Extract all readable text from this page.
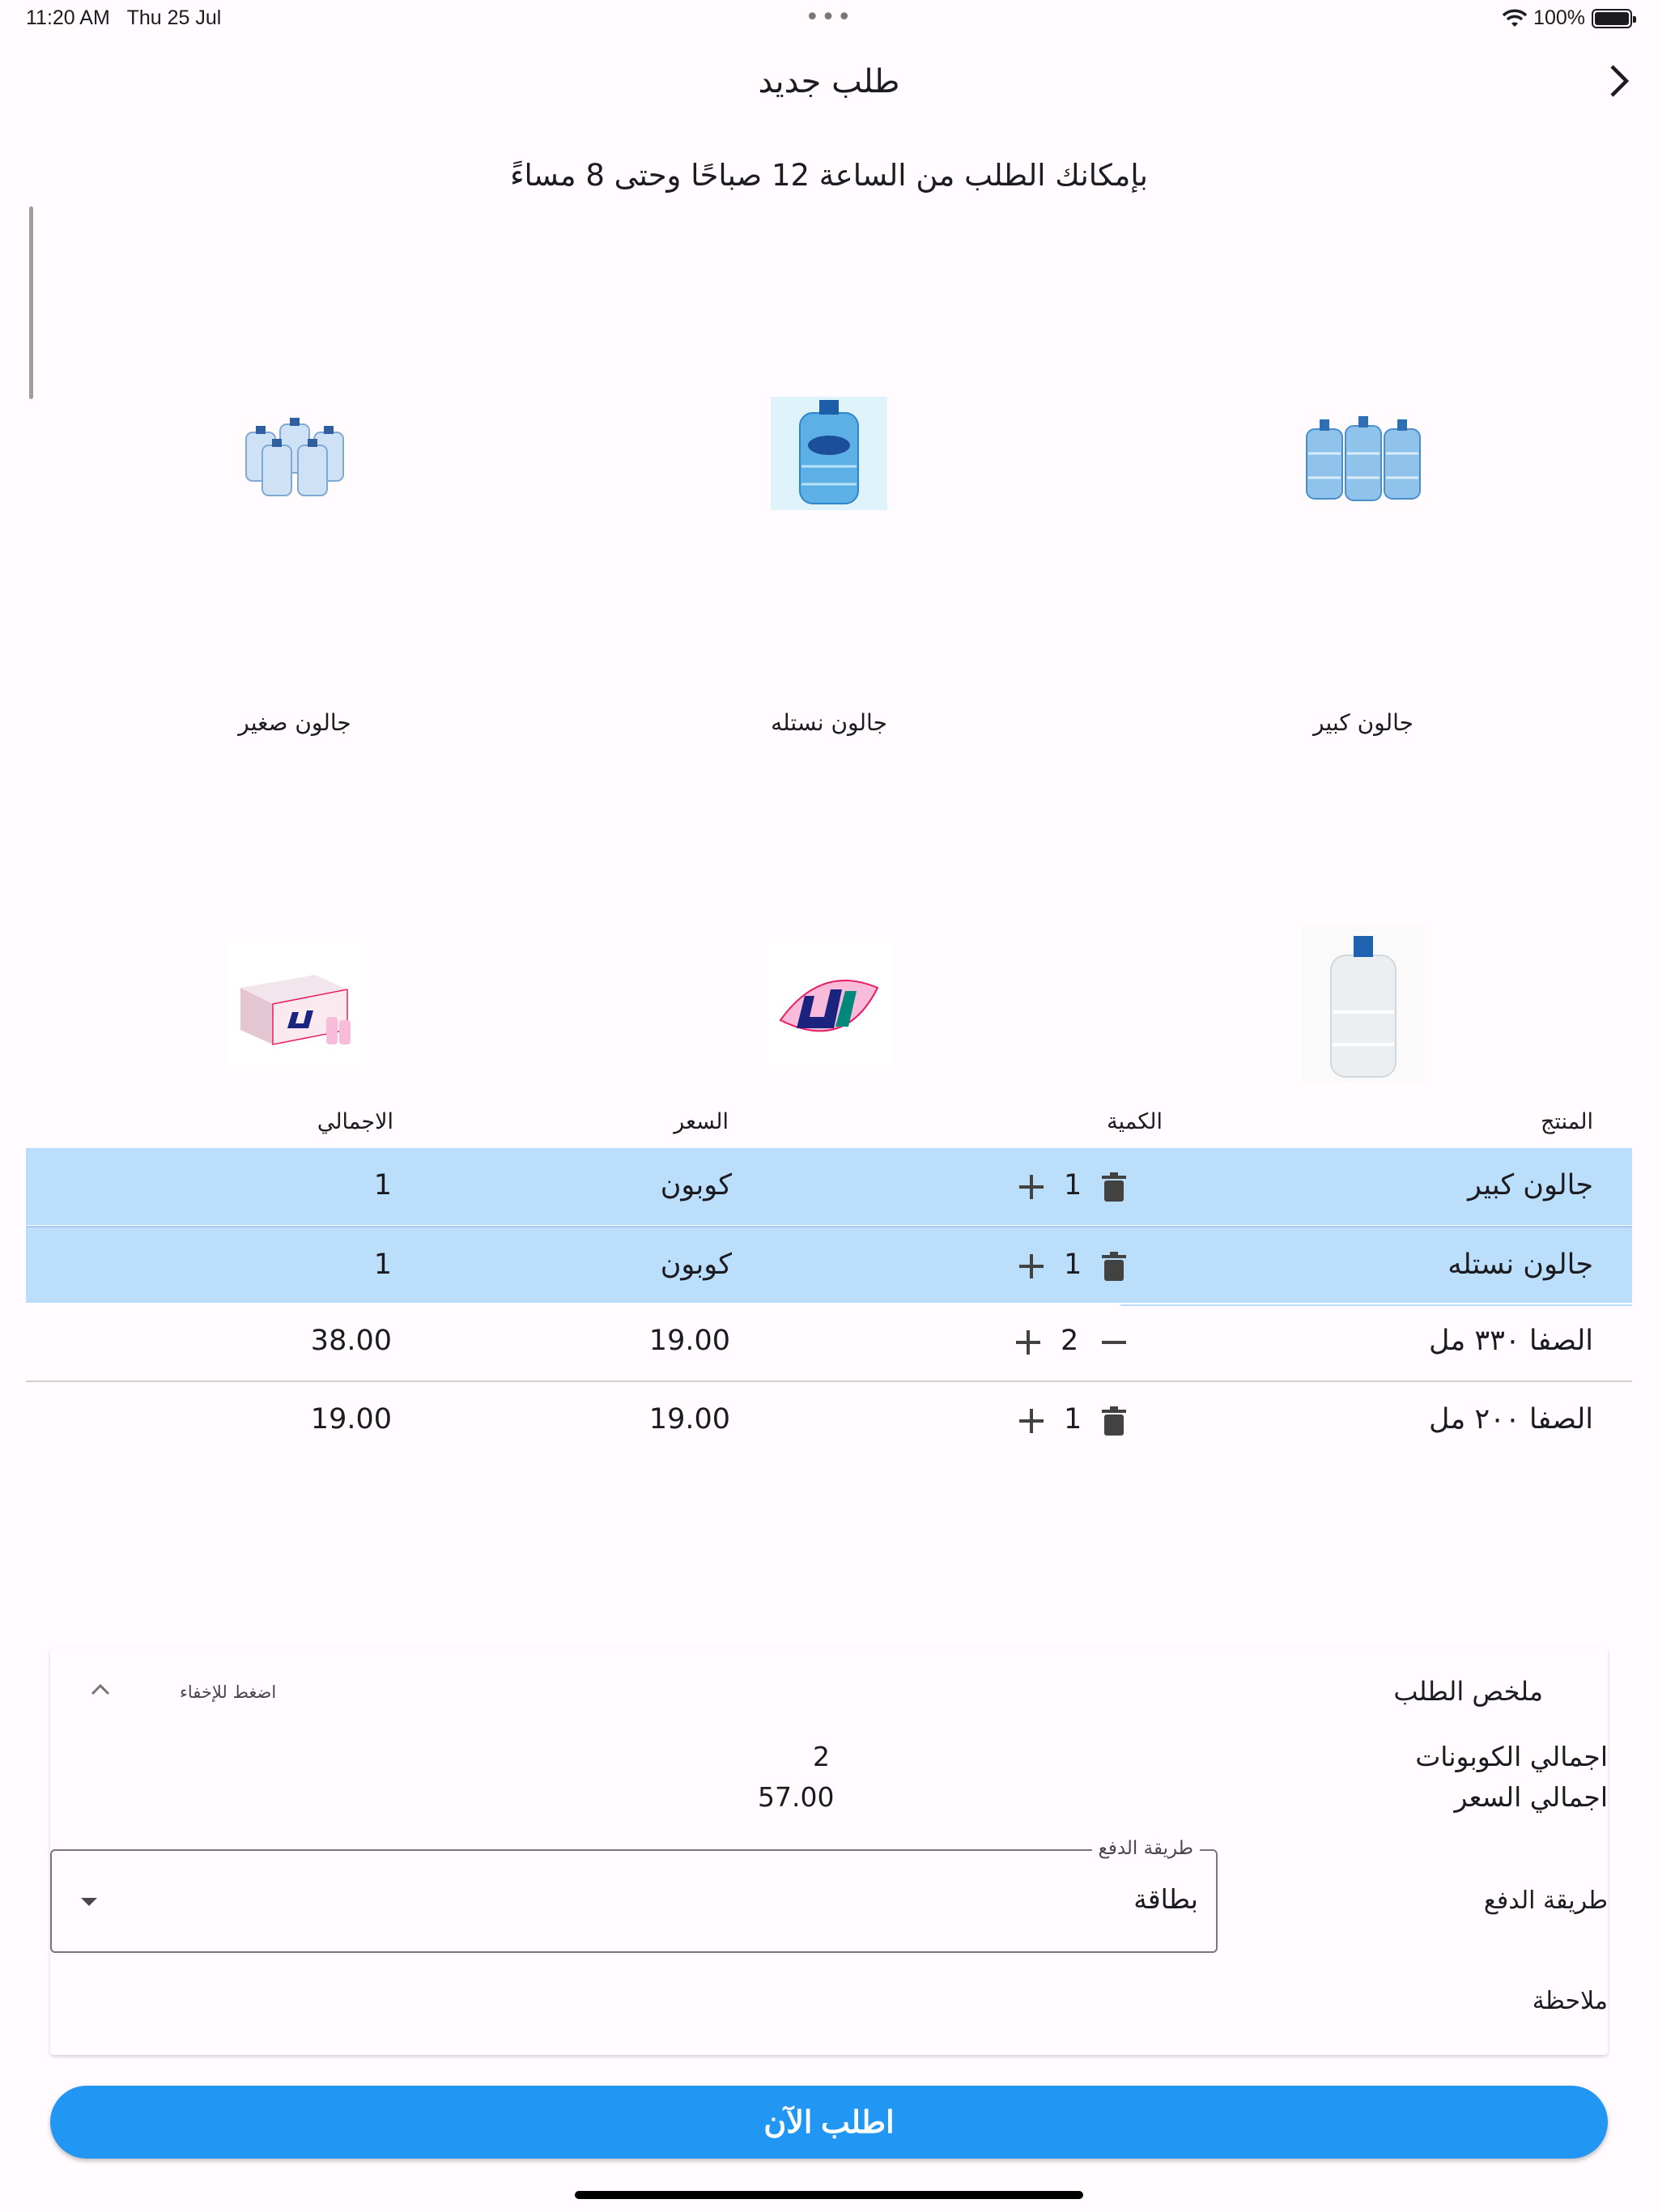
11:20 AM Thu 25 Jul	•••	100%
طلب جديد
بإمكانك الطلب من الساعة 12 صباحًا وحتى 8 مساءً
جالون كبير
جالون نستله
جالون صغير
المنتج
الكمية
السعر
الاجمالي
جالون كبير
1
كوبون
1
جالون نستله
1
كوبون
1
الصفا ٣٣٠ مل
2
19.00
38.00
الصفا ٢٠٠ مل
1
19.00
19.00
ملخص الطلب
اضغط للإخفاء
اجمالي الكوبونات
2
اجمالي السعر
57.00
طريقة الدفع
ملاحظة
طريقة الدفع
بطاقة
اطلب الآن
